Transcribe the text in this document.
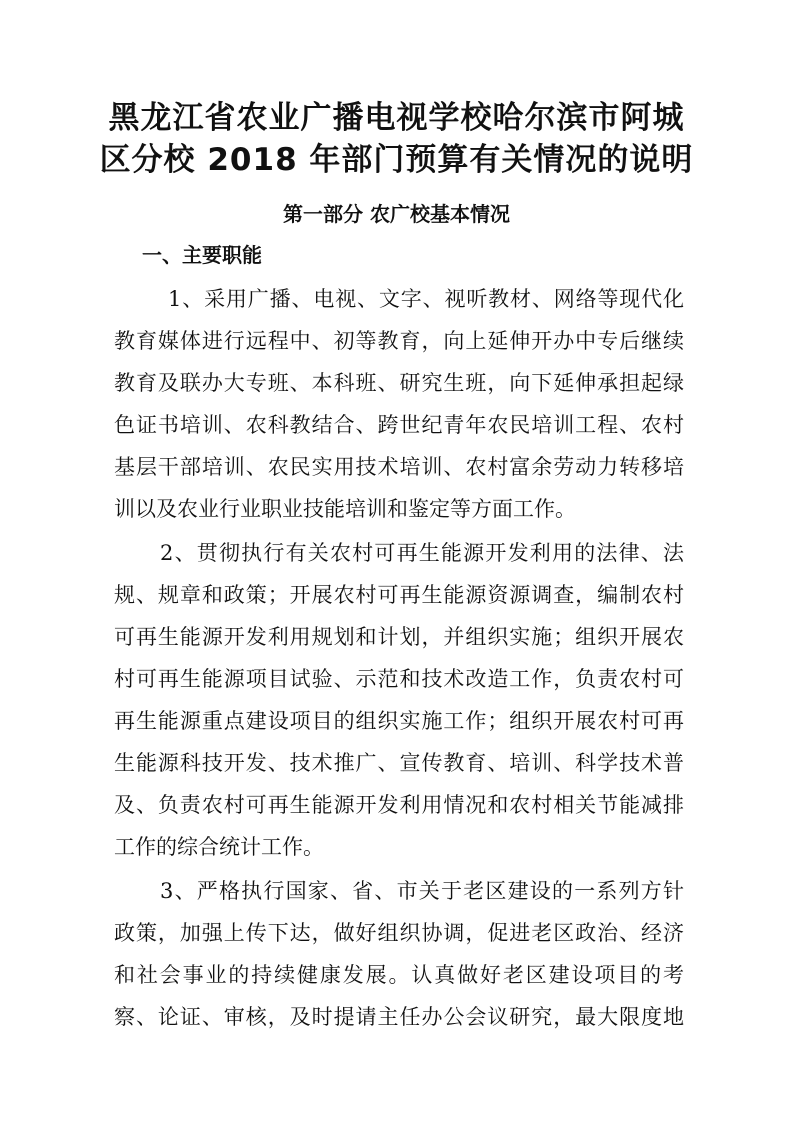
黑龙江省农业广播电视学校哈尔滨市阿城
区分校 2018 年部门预算有关情况的说明
第一部分 农广校基本情况
一、主要职能

1、采用广播、电视、文字、视听教材、网络等现代化

教育媒体进行远程中、初等教育，向上延伸开办中专后继续

教育及联办大专班、本科班、研究生班，向下延伸承担起绿

色证书培训、农科教结合、跨世纪青年农民培训工程、农村

基层干部培训、农民实用技术培训、农村富余劳动力转移培

训以及农业行业职业技能培训和鉴定等方面工作。

2、贯彻执行有关农村可再生能源开发利用的法律、法

规、规章和政策；开展农村可再生能源资源调查，编制农村

可再生能源开发利用规划和计划，并组织实施；组织开展农

村可再生能源项目试验、示范和技术改造工作，负责农村可

再生能源重点建设项目的组织实施工作；组织开展农村可再

生能源科技开发、技术推广、宣传教育、培训、科学技术普

及、负责农村可再生能源开发利用情况和农村相关节能减排

工作的综合统计工作。

3、严格执行国家、省、市关于老区建设的一系列方针

政策，加强上传下达，做好组织协调，促进老区政治、经济

和社会事业的持续健康发展。认真做好老区建设项目的考

察、论证、审核，及时提请主任办公会议研究，最大限度地
